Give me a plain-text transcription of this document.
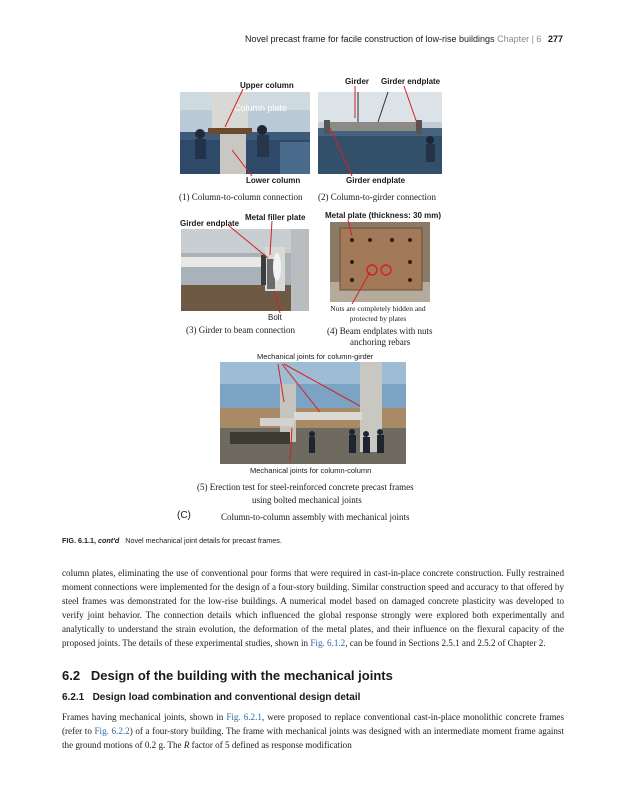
Novel precast frame for facile construction of low-rise buildings Chapter | 6 277
Upper column
Column plate
Lower column
(1) Column-to-column connection
Girder Girder endplate
Girder endplate
(2) Column-to-girder connection
Girder endplate
Metal filler plate
Bolt
(3) Girder to beam connection
Metal plate (thickness: 30 mm)
Nuts are completely hidden and
protected by plates
(4) Beam endplates with nuts
anchoring rebars
Mechanical joints for column-girder
Mechanical joints for column-column
(5) Erection test for steel-reinforced concrete precast frames
using bolted mechanical joints
(C)	Column-to-column assembly with mechanical joints
FIG. 6.1.1, cont'd Novel mechanical joint details for precast frames.
column plates, eliminating the use of conventional pour forms that were required in cast-in-place concrete construction. Fully restrained moment connections were implemented for the design of a four-story building. Similar construction speed and accuracy to that offered by steel frames was demonstrated for the low-rise buildings. A numerical model based on damaged concrete plasticity was developed to verify joint behavior. The connection details which influenced the global response strongly were explored both experimentally and analytically to understand the strain evolution, the deformation of the metal plates, and their influence on the flexural capacity of the proposed joints. The details of these experimental studies, shown in Fig. 6.1.2, can be found in Sections 2.5.1 and 2.5.2 of Chapter 2.
6.2   Design of the building with the mechanical joints
6.2.1   Design load combination and conventional design detail
Frames having mechanical joints, shown in Fig. 6.2.1, were proposed to replace conventional cast-in-place monolithic concrete frames (refer to Fig. 6.2.2) of a four-story building. The frame with mechanical joints was designed with an intermediate moment frame against the ground motions of 0.2 g. The R factor of 5 defined as response modification
